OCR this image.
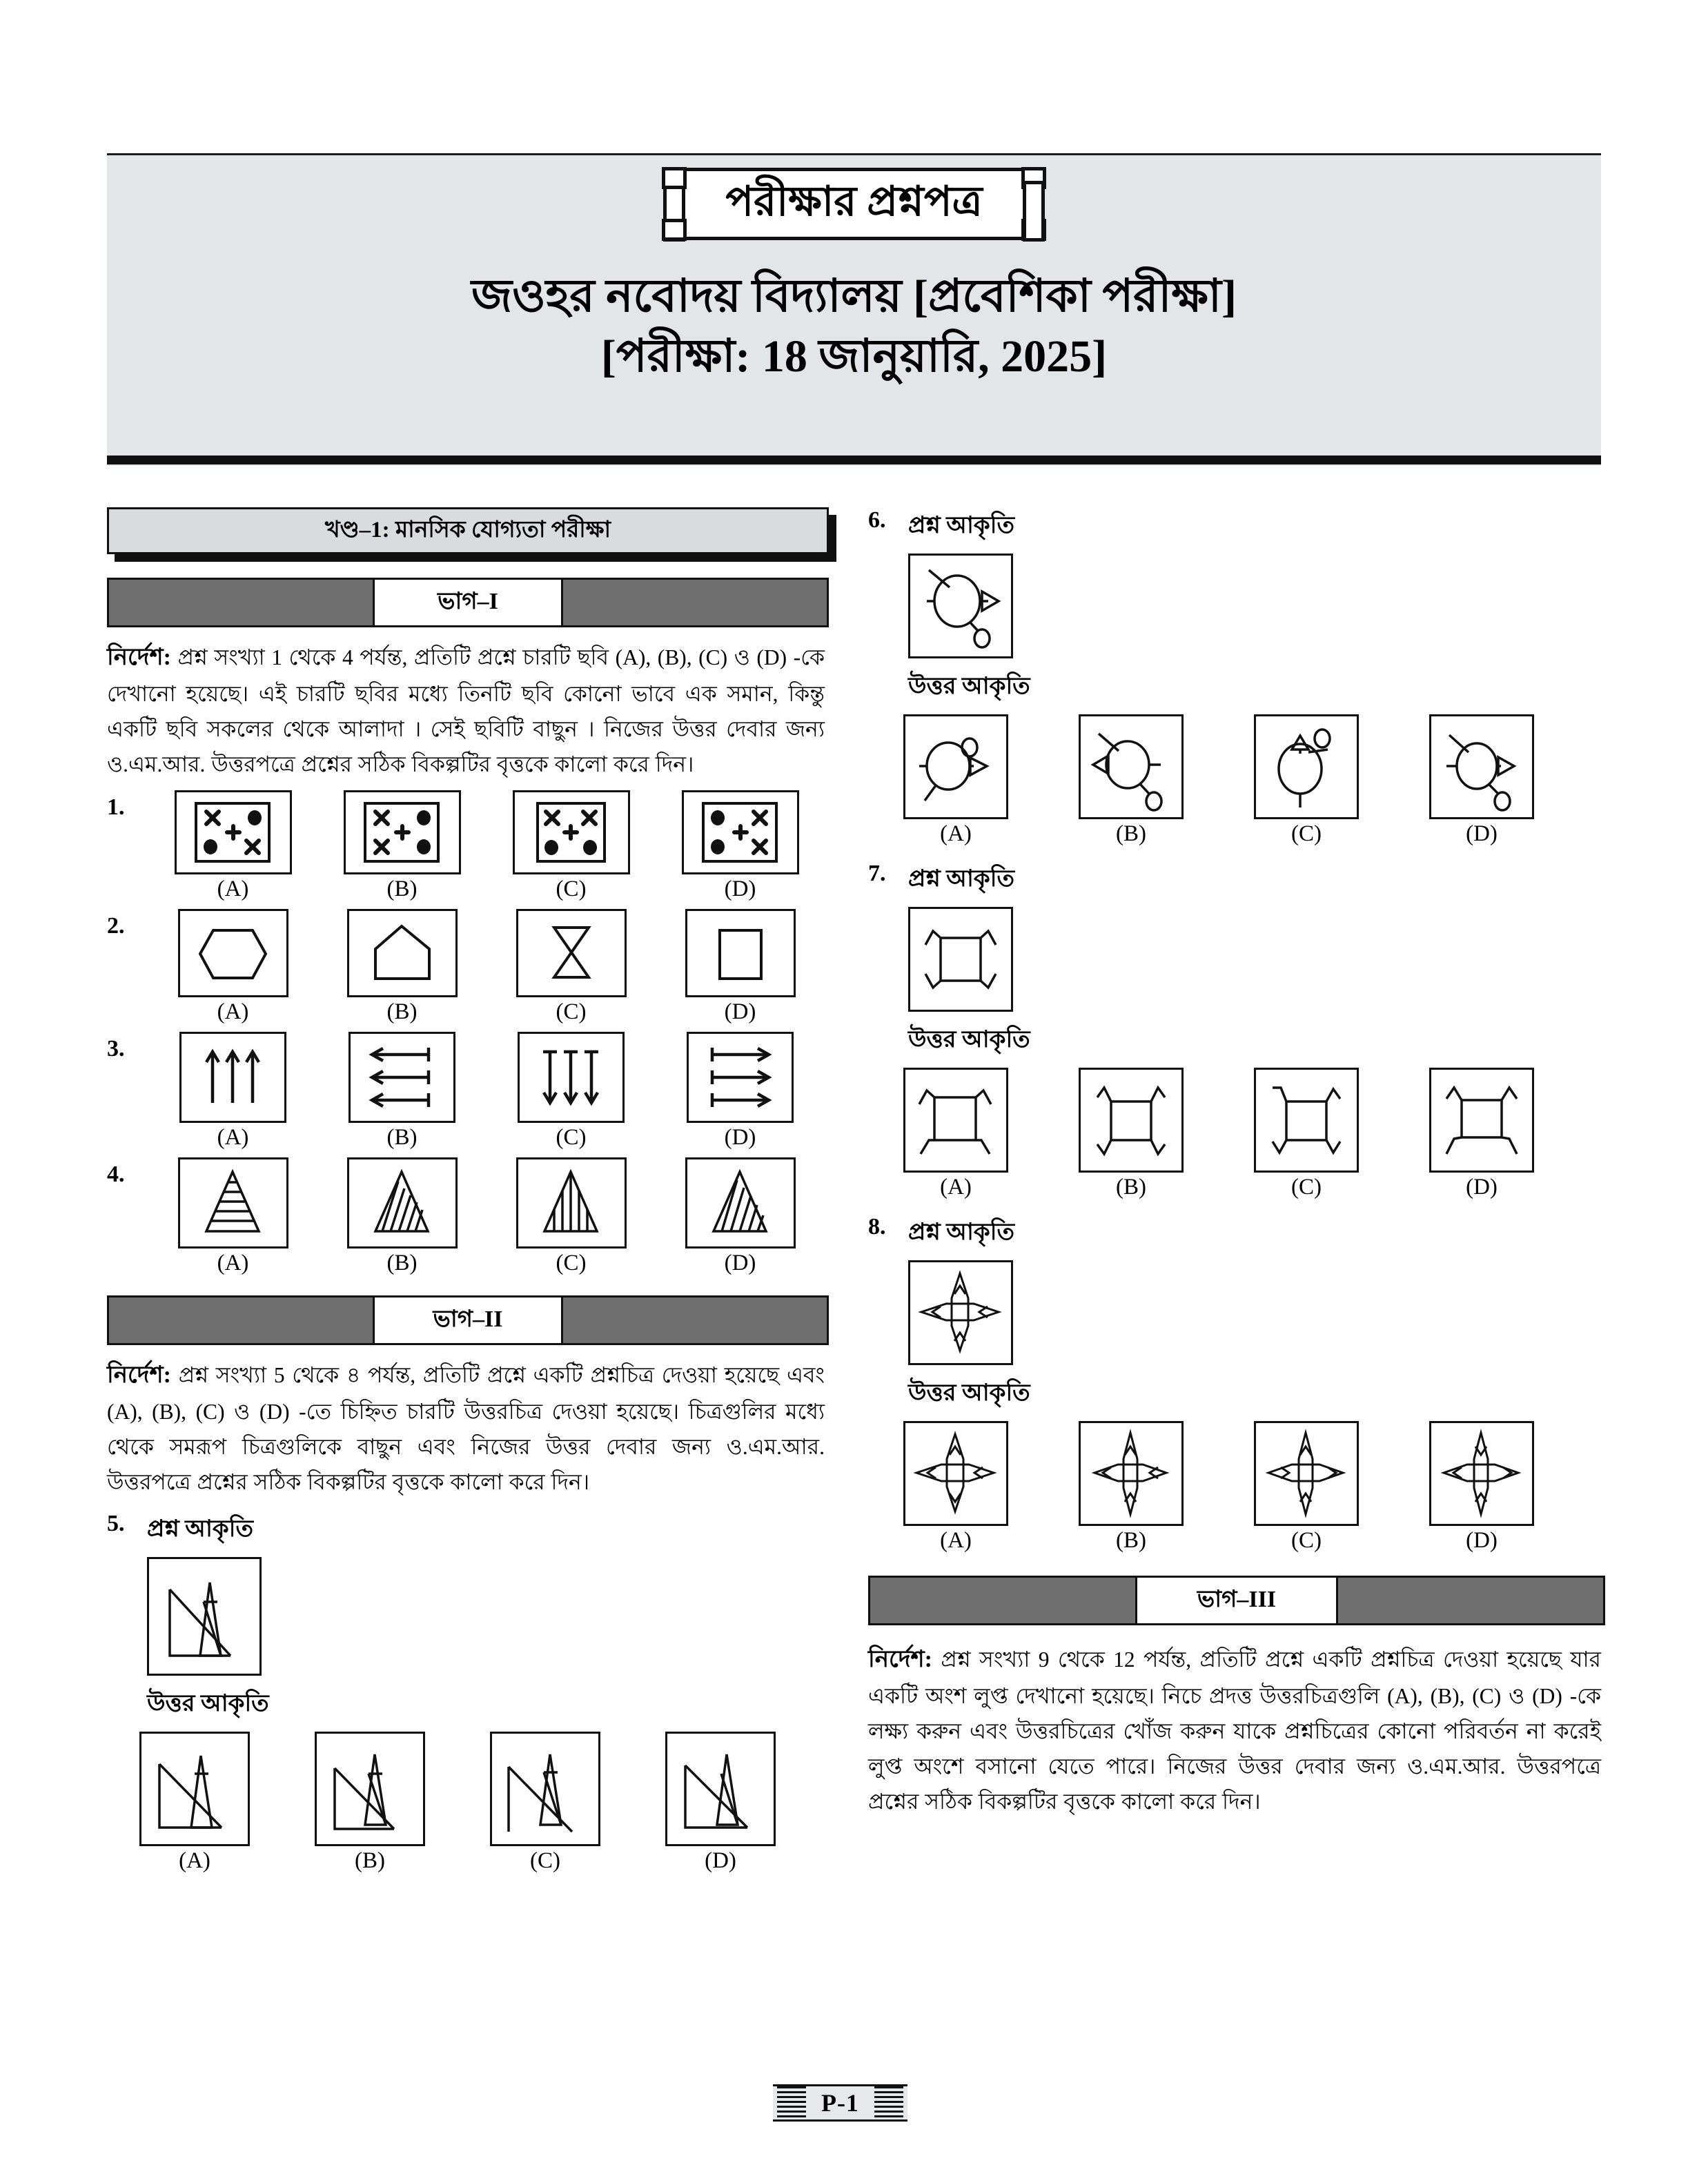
পরীক্ষার প্রশ্নপত্র
জওহর নবোদয় বিদ্যালয় [প্রবেশিকা পরীক্ষা]
[পরীক্ষা: 18 জানুয়ারি, 2025]
খণ্ড–1: মানসিক যোগ্যতা পরীক্ষা
ভাগ–I
নির্দেশ: প্রশ্ন সংখ্যা 1 থেকে 4 পর্যন্ত, প্রতিটি প্রশ্নে চারটি ছবি (A), (B), (C) ও (D) -কে দেখানো হয়েছে। এই চারটি ছবির মধ্যে তিনটি ছবি কোনো ভাবে এক সমান, কিন্তু একটি ছবি সকলের থেকে আলাদা । সেই ছবিটি বাছুন । নিজের উত্তর দেবার জন্য ও.এম.আর. উত্তরপত্রে প্রশ্নের সঠিক বিকল্পটির বৃত্তকে কালো করে দিন।
1.
(A)	(B)	(C)	(D)
2.
(A)	(B)	(C)	(D)
3.
(A)	(B)	(C)	(D)
4.
(A)	(B)	(C)	(D)
ভাগ–II
নির্দেশ: প্রশ্ন সংখ্যা 5 থেকে ৪ পর্যন্ত, প্রতিটি প্রশ্নে একটি প্রশ্নচিত্র দেওয়া হয়েছে এবং (A), (B), (C) ও (D) -তে চিহ্নিত চারটি উত্তরচিত্র দেওয়া হয়েছে। চিত্রগুলির মধ্যে থেকে সমরূপ চিত্রগুলিকে বাছুন এবং নিজের উত্তর দেবার জন্য ও.এম.আর. উত্তরপত্রে প্রশ্নের সঠিক বিকল্পটির বৃত্তকে কালো করে দিন।
5. প্রশ্ন আকৃতি
উত্তর আকৃতি
(A)	(B)	(C)	(D)
6. প্রশ্ন আকৃতি
উত্তর আকৃতি
(A)	(B)	(C)	(D)
7. প্রশ্ন আকৃতি
উত্তর আকৃতি
(A)	(B)	(C)	(D)
8. প্রশ্ন আকৃতি
উত্তর আকৃতি
(A)	(B)	(C)	(D)
ভাগ–III
নির্দেশ: প্রশ্ন সংখ্যা 9 থেকে 12 পর্যন্ত, প্রতিটি প্রশ্নে একটি প্রশ্নচিত্র দেওয়া হয়েছে যার একটি অংশ লুপ্ত দেখানো হয়েছে। নিচে প্রদত্ত উত্তরচিত্রগুলি (A), (B), (C) ও (D) -কে লক্ষ্য করুন এবং উত্তরচিত্রের খোঁজ করুন যাকে প্রশ্নচিত্রের কোনো পরিবর্তন না করেই লুপ্ত অংশে বসানো যেতে পারে। নিজের উত্তর দেবার জন্য ও.এম.আর. উত্তরপত্রে প্রশ্নের সঠিক বিকল্পটির বৃত্তকে কালো করে দিন।
P-1
